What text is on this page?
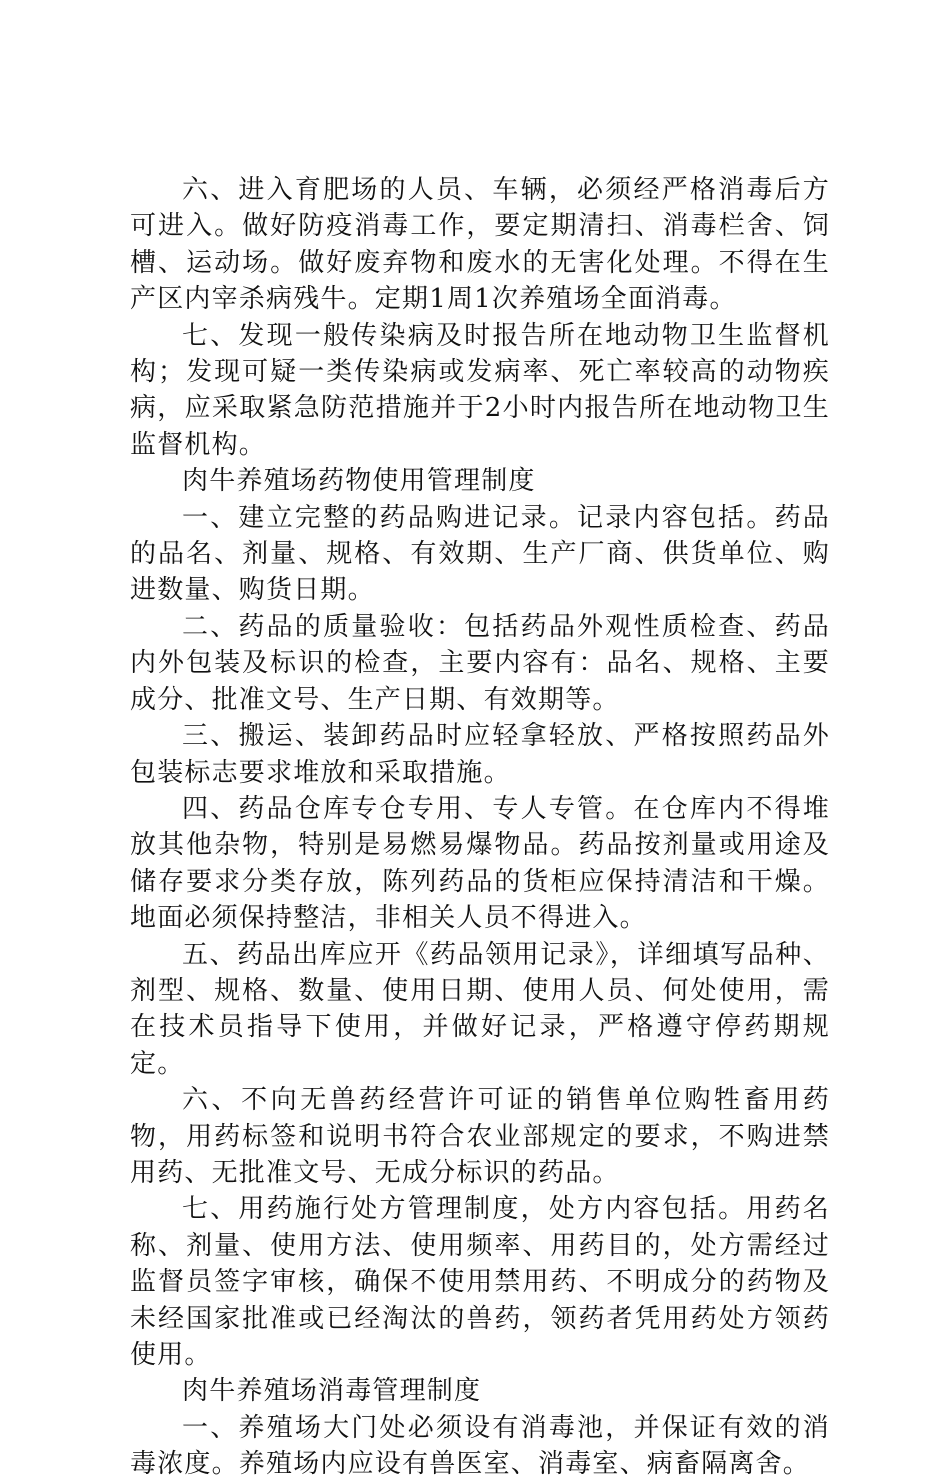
六、进入育肥场的人员、车辆，必须经严格消毒后方可进入。做好防疫消毒工作，要定期清扫、消毒栏舍、饲槽、运动场。做好废弃物和废水的无害化处理。不得在生产区内宰杀病残牛。定期1周1次养殖场全面消毒。

七、发现一般传染病及时报告所在地动物卫生监督机构；发现可疑一类传染病或发病率、死亡率较高的动物疾病，应采取紧急防范措施并于2小时内报告所在地动物卫生监督机构。

肉牛养殖场药物使用管理制度

一、建立完整的药品购进记录。记录内容包括。药品的品名、剂量、规格、有效期、生产厂商、供货单位、购进数量、购货日期。

二、药品的质量验收：包括药品外观性质检查、药品内外包装及标识的检查，主要内容有：品名、规格、主要成分、批准文号、生产日期、有效期等。

三、搬运、装卸药品时应轻拿轻放、严格按照药品外包装标志要求堆放和采取措施。

四、药品仓库专仓专用、专人专管。在仓库内不得堆放其他杂物，特别是易燃易爆物品。药品按剂量或用途及储存要求分类存放，陈列药品的货柜应保持清洁和干燥。地面必须保持整洁，非相关人员不得进入。

五、药品出库应开《药品领用记录》，详细填写品种、剂型、规格、数量、使用日期、使用人员、何处使用，需在技术员指导下使用，并做好记录，严格遵守停药期规定。

六、不向无兽药经营许可证的销售单位购牲畜用药物，用药标签和说明书符合农业部规定的要求，不购进禁用药、无批准文号、无成分标识的药品。

七、用药施行处方管理制度，处方内容包括。用药名称、剂量、使用方法、使用频率、用药目的，处方需经过监督员签字审核，确保不使用禁用药、不明成分的药物及未经国家批准或已经淘汰的兽药，领药者凭用药处方领药使用。

肉牛养殖场消毒管理制度

一、养殖场大门处必须设有消毒池，并保证有效的消毒浓度。养殖场内应设有兽医室、消毒室、病畜隔离舍。
